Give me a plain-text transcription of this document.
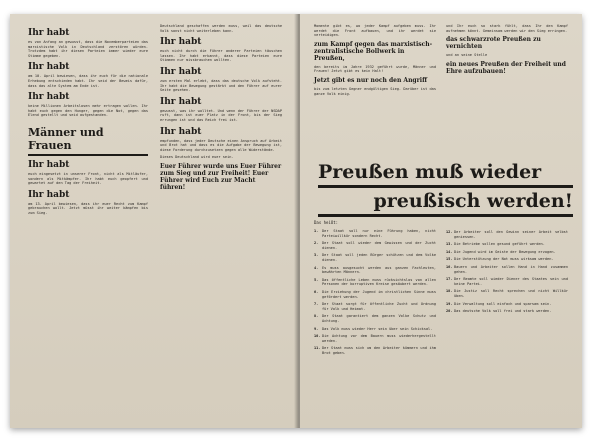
Ihr habt
es von Anfang an gewusst, dass die Novemberparteien das marxistische Volk in Deutschland zerstören würden. Trotzdem habt ihr diesen Parteien immer wieder eure Stimme gegeben.
Ihr habt
am 10. April bewiesen, dass ihr euch für die nationale Erhebung entschieden habt. Ihr seid der Beweis dafür, dass das alte System am Ende ist.
Ihr habt
keine Millionen Arbeitslosen mehr ertragen wollen. Ihr habt euch gegen den Hunger, gegen die Not, gegen das Elend gestellt und seid aufgestanden.
Männer und Frauen
Ihr habt
euch eingesetzt in unserer Front, nicht als Mitläufer, sondern als Mitkämpfer. Ihr habt euch geopfert und gewartet auf den Tag der Freiheit.
Ihr habt
am 13. April bewiesen, dass ihr euer Recht zum Kampf gebrauchen wollt. Jetzt müsst ihr weiter kämpfen bis zum Sieg.
Deutschland geschaffen werden muss, weil das deutsche Volk sonst nicht weiterleben kann.
Ihr habt
euch nicht durch die Führer anderer Parteien täuschen lassen. Ihr habt erkannt, dass diese Parteien eure Stimmen nur missbrauchen wollten.
Ihr habt
zum ersten Mal erlebt, dass das deutsche Volk aufsteht. Ihr habt die Bewegung gestärkt und den Führer auf eurer Seite gesehen.
Ihr habt
gewusst, was ihr wolltet. Und wenn der Führer der NSDAP ruft, dann ist euer Platz in der Front, bis der Sieg errungen ist und das Reich frei ist.
Ihr habt
empfunden, dass jeder Deutsche einen Anspruch auf Arbeit und Brot hat und dass es die Aufgabe der Bewegung ist, diese Forderung durchzusetzen gegen alle Widerstände.
Dieses Deutschland wird euer sein.
Euer Führer wurde uns Euer Führer zum Sieg und zur Freiheit! Euer Führer wird Euch zur Macht führen!
Momente gibt es, wo jeder Kampf aufgeben muss. Ihr werdet die Front aufbauen, und ihr werdet sie verteidigen.
zum Kampf gegen das marxistisch-zentralistische Bollwerk in Preußen,
den bereits im Jahre 1932 geführt wurde, Männer und Frauen! Jetzt gibt es kein Halt!
Jetzt gibt es nur noch den Angriff
bis zum letzten Gegner endgültigen Sieg. Darüber ist das ganze Volk einig.
und Ihr euch so stark fühlt, dass Ihr den Kampf aufnehmen könnt. Gemeinsam werden wir den Sieg erringen.
das schwarzrote Preußen zu vernichten
und an seine Stelle
ein neues Preußen der Freiheit und Ehre aufzubauen!
Preußen muß wieder
preußisch werden!
Das heißt:
1.	Der Staat soll nur eine Führung haben, nicht Parteiwillkür sondern Recht.
2.	Der Staat soll wieder dem Gewissen und der Zucht dienen.
3.	Der Staat soll jeden Bürger schützen und dem Volke dienen.
4.	Es muss ausgesucht werden aus ganzen Fachleuten, bewährten Männern.
5.	Das öffentliche Leben muss rücksichtslos von allen Personen der korruptiven Kreise gesäubert werden.
6.	Die Erziehung der Jugend im christlichen Sinne muss gefördert werden.
7.	Der Staat sorgt für öffentliche Zucht und Ordnung für Volk und Heimat.
8.	Der Staat garantiert dem ganzen Volke Schutz und Achtung.
9.	Das Volk muss wieder Herr sein über sein Schicksal.
10. Die Achtung vor dem Bauern muss wiederhergestellt werden.
11. Der Staat muss sich um den Arbeiter kümmern und ihm Brot geben.
12. Der Arbeiter soll den Gewinn seiner Arbeit selbst geniessen.
13. Die Betriebe sollen gesund geführt werden.
14. Die Jugend wird im Geiste der Bewegung erzogen.
15. Die Unterstützung der Not muss wirksam werden.
16. Bauern und Arbeiter sollen Hand in Hand zusammen gehen.
17. Der Beamte soll wieder Diener des Staates sein und keine Partei.
18. Die Justiz soll Recht sprechen und nicht Willkür üben.
19. Die Verwaltung soll einfach und sparsam sein.
20. Das deutsche Volk soll frei und stark werden.
